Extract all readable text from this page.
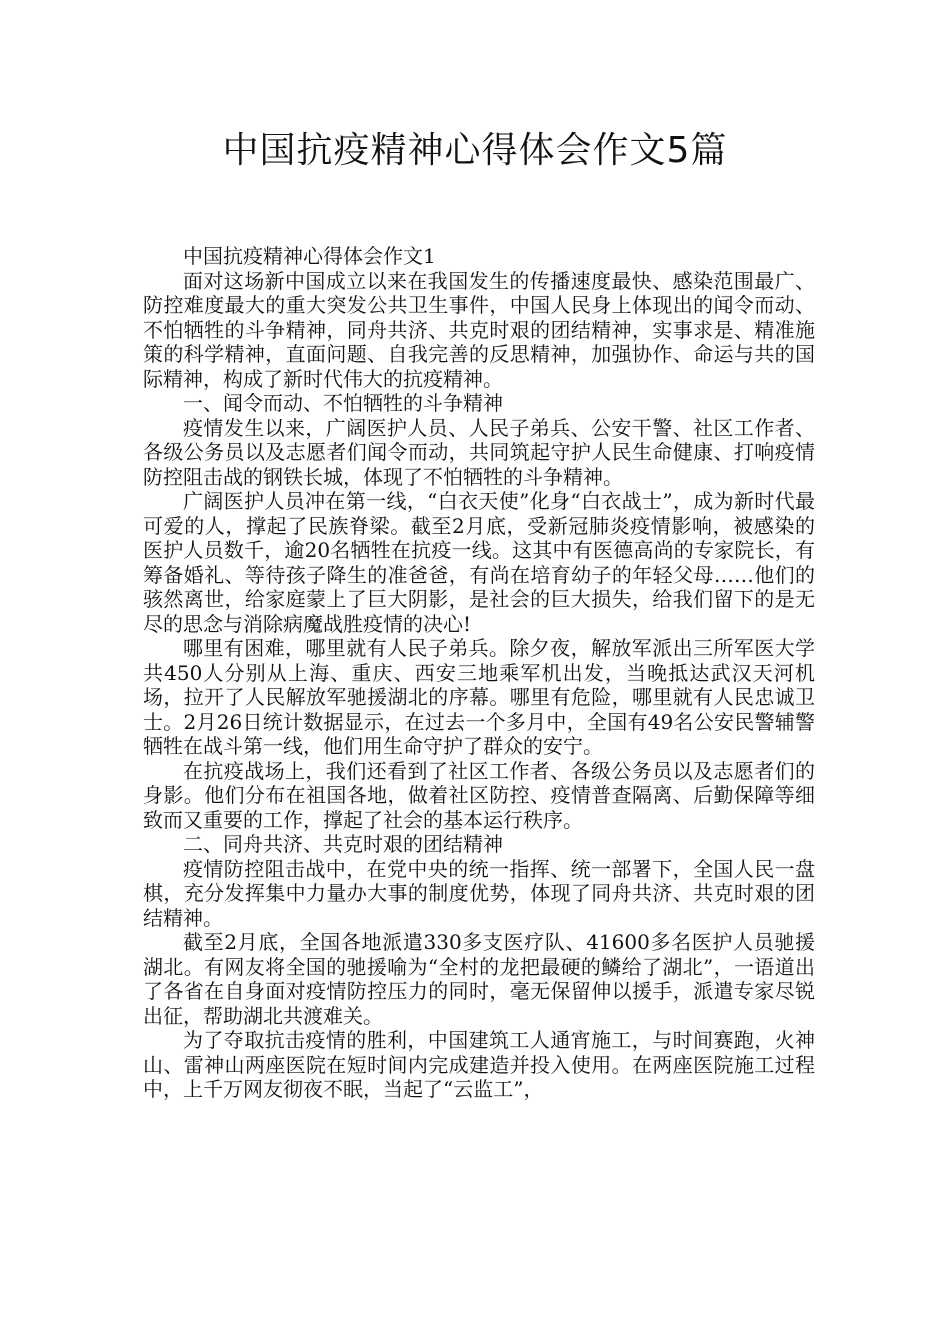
中国抗疫精神心得体会作文5篇

中国抗疫精神心得体会作文1

面对这场新中国成立以来在我国发生的传播速度最快、感染范围最广、防控难度最大的重大突发公共卫生事件，中国人民身上体现出的闻令而动、不怕牺牲的斗争精神，同舟共济、共克时艰的团结精神，实事求是、精准施策的科学精神，直面问题、自我完善的反思精神，加强协作、命运与共的国际精神，构成了新时代伟大的抗疫精神。

一、闻令而动、不怕牺牲的斗争精神

疫情发生以来，广阔医护人员、人民子弟兵、公安干警、社区工作者、各级公务员以及志愿者们闻令而动，共同筑起守护人民生命健康、打响疫情防控阻击战的钢铁长城，体现了不怕牺牲的斗争精神。

广阔医护人员冲在第一线，“白衣天使”化身“白衣战士”，成为新时代最可爱的人，撑起了民族脊梁。截至2月底，受新冠肺炎疫情影响，被感染的医护人员数千，逾20名牺牲在抗疫一线。这其中有医德高尚的专家院长，有筹备婚礼、等待孩子降生的准爸爸，有尚在培育幼子的年轻父母……他们的骇然离世，给家庭蒙上了巨大阴影，是社会的巨大损失，给我们留下的是无尽的思念与消除病魔战胜疫情的决心!

哪里有困难，哪里就有人民子弟兵。除夕夜，解放军派出三所军医大学共450人分别从上海、重庆、西安三地乘军机出发，当晚抵达武汉天河机场，拉开了人民解放军驰援湖北的序幕。哪里有危险，哪里就有人民忠诚卫士。2月26日统计数据显示，在过去一个多月中，全国有49名公安民警辅警牺牲在战斗第一线，他们用生命守护了群众的安宁。

在抗疫战场上，我们还看到了社区工作者、各级公务员以及志愿者们的身影。他们分布在祖国各地，做着社区防控、疫情普查隔离、后勤保障等细致而又重要的工作，撑起了社会的基本运行秩序。

二、同舟共济、共克时艰的团结精神

疫情防控阻击战中，在党中央的统一指挥、统一部署下，全国人民一盘棋，充分发挥集中力量办大事的制度优势，体现了同舟共济、共克时艰的团结精神。

截至2月底，全国各地派遣330多支医疗队、41600多名医护人员驰援湖北。有网友将全国的驰援喻为“全村的龙把最硬的鳞给了湖北”，一语道出了各省在自身面对疫情防控压力的同时，毫无保留伸以援手，派遣专家尽锐出征，帮助湖北共渡难关。

为了夺取抗击疫情的胜利，中国建筑工人通宵施工，与时间赛跑，火神山、雷神山两座医院在短时间内完成建造并投入使用。在两座医院施工过程中，上千万网友彻夜不眠，当起了“云监工”，
